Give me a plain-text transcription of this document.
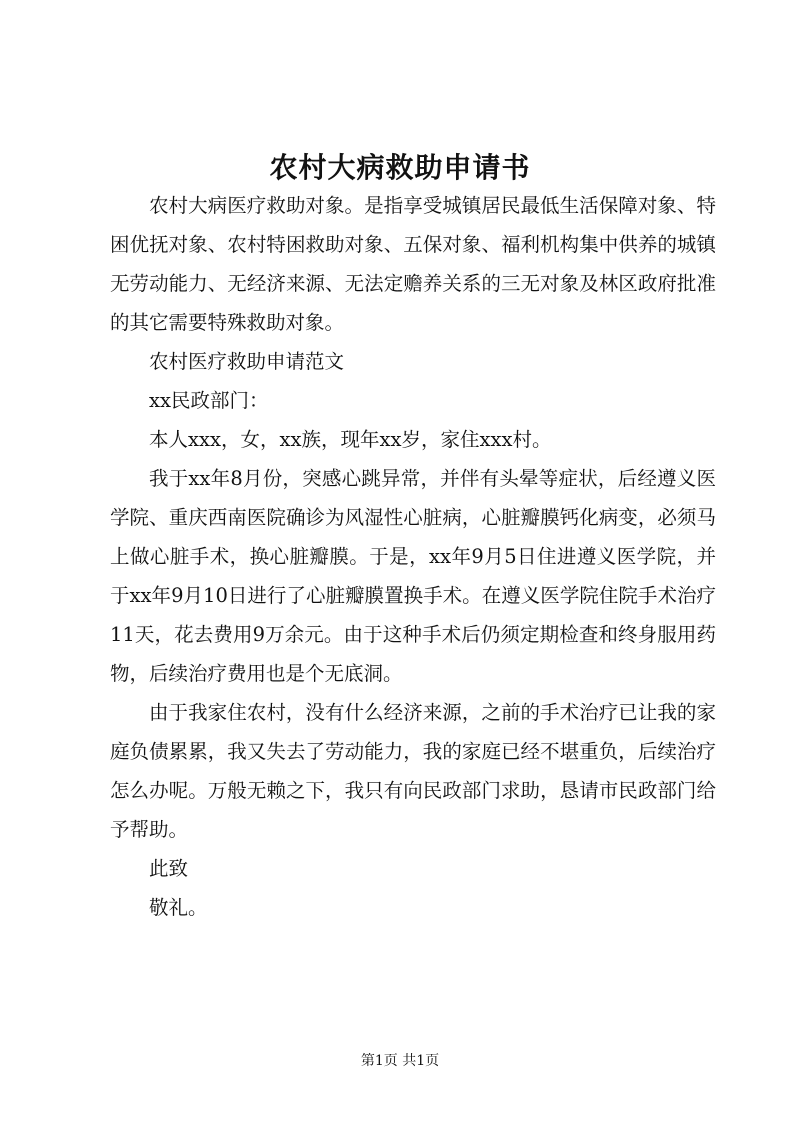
农村大病救助申请书

农村大病医疗救助对象。是指享受城镇居民最低生活保障对象、特困优抚对象、农村特困救助对象、五保对象、福利机构集中供养的城镇无劳动能力、无经济来源、无法定赡养关系的三无对象及林区政府批准的其它需要特殊救助对象。

农村医疗救助申请范文

xx民政部门：

本人xxx，女，xx族，现年xx岁，家住xxx村。

我于xx年8月份，突感心跳异常，并伴有头晕等症状，后经遵义医学院、重庆西南医院确诊为风湿性心脏病，心脏瓣膜钙化病变，必须马上做心脏手术，换心脏瓣膜。于是，xx年9月5日住进遵义医学院，并于xx年9月10日进行了心脏瓣膜置换手术。在遵义医学院住院手术治疗11天，花去费用9万余元。由于这种手术后仍须定期检查和终身服用药物，后续治疗费用也是个无底洞。

由于我家住农村，没有什么经济来源，之前的手术治疗已让我的家庭负债累累，我又失去了劳动能力，我的家庭已经不堪重负，后续治疗怎么办呢。万般无赖之下，我只有向民政部门求助，恳请市民政部门给予帮助。

此致

敬礼。

第1页 共1页
